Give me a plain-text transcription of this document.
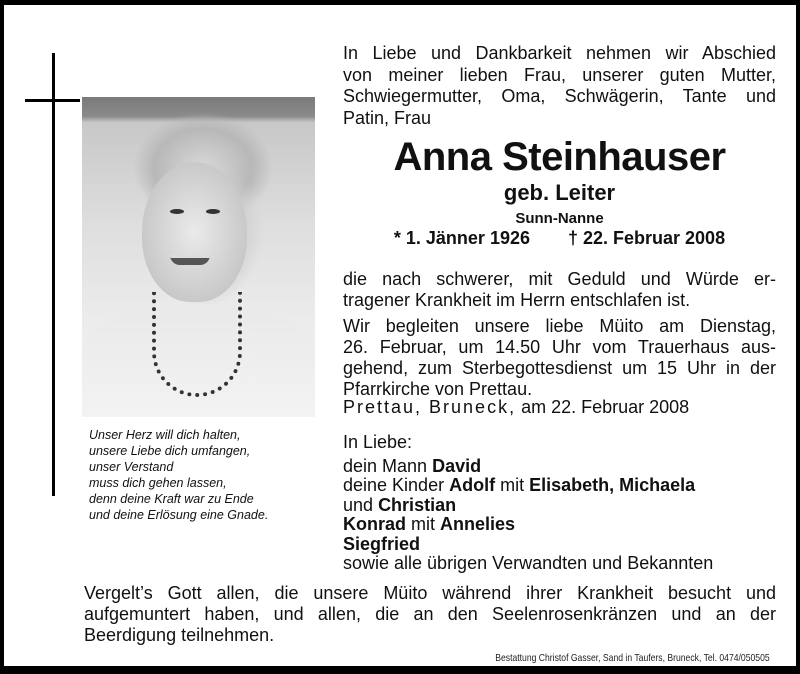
Unser Herz will dich halten,
unsere Liebe dich umfangen,
unser Verstand
muss dich gehen lassen,
denn deine Kraft war zu Ende
und deine Erlösung eine Gnade.
In Liebe und Dankbarkeit nehmen wir Abschied
von meiner lieben Frau, unserer guten Mutter,
Schwiegermutter, Oma, Schwägerin, Tante und
Patin, Frau
Anna Steinhauser
geb. Leiter
Sunn-Nanne
* 1. Jänner 1926 † 22. Februar 2008
die nach schwerer, mit Geduld und Würde er-
tragener Krankheit im Herrn entschlafen ist.
Wir begleiten unsere liebe Müito am Dienstag,
26. Februar, um 14.50 Uhr vom Trauerhaus aus-
gehend, zum Sterbegottesdienst um 15 Uhr in der
Pfarrkirche von Prettau.
Prettau, Bruneck, am 22. Februar 2008
In Liebe:
dein Mann David
deine Kinder Adolf mit Elisabeth, Michaela
und Christian
Konrad mit Annelies
Siegfried
sowie alle übrigen Verwandten und Bekannten
Vergelt’s Gott allen, die unsere Müito während ihrer Krankheit besucht und
aufgemuntert haben, und allen, die an den Seelenrosenkränzen und an der
Beerdigung teilnehmen.
Bestattung Christof Gasser, Sand in Taufers, Bruneck, Tel. 0474/050505
